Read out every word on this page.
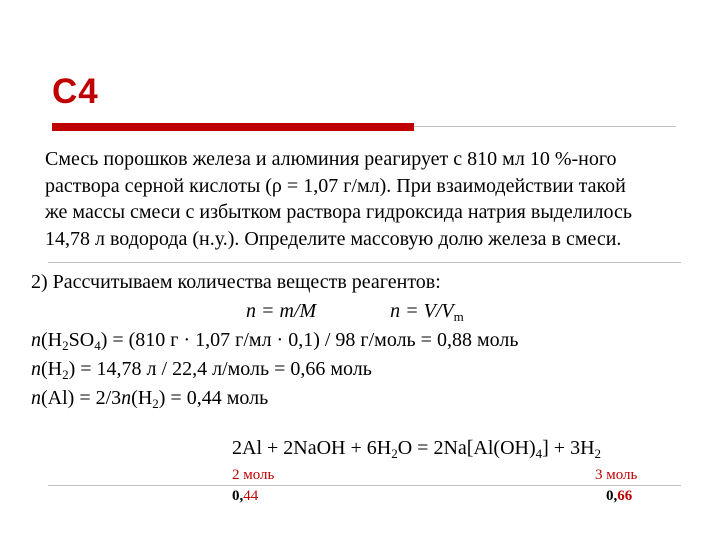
С4
Смесь порошков железа и алюминия реагирует с 810 мл 10 %-ного
раствора серной кислоты (ρ = 1,07 г/мл). При взаимодействии такой
же массы смеси с избытком раствора гидроксида натрия выделилось
14,78 л водорода (н.у.). Определите массовую долю железа в смеси.
2) Рассчитываем количества веществ реагентов:
n = m/M	$n = V/V_m$
$n(H_2SO_4) = (810$ г · 1,07 г/мл · 0,1) / 98 г/моль = 0,88 моль
$n(H_2) = 14,78$ л / 22,4 л/моль = 0,66 моль
$n(Al) = 2/3n(H_2) = 0,44$ моль
2Al + 2NaOH + $6H_2O = 2Na[Al(OH)_4] + 3H_2$
2 моль	3 моль
0,44	0,66
